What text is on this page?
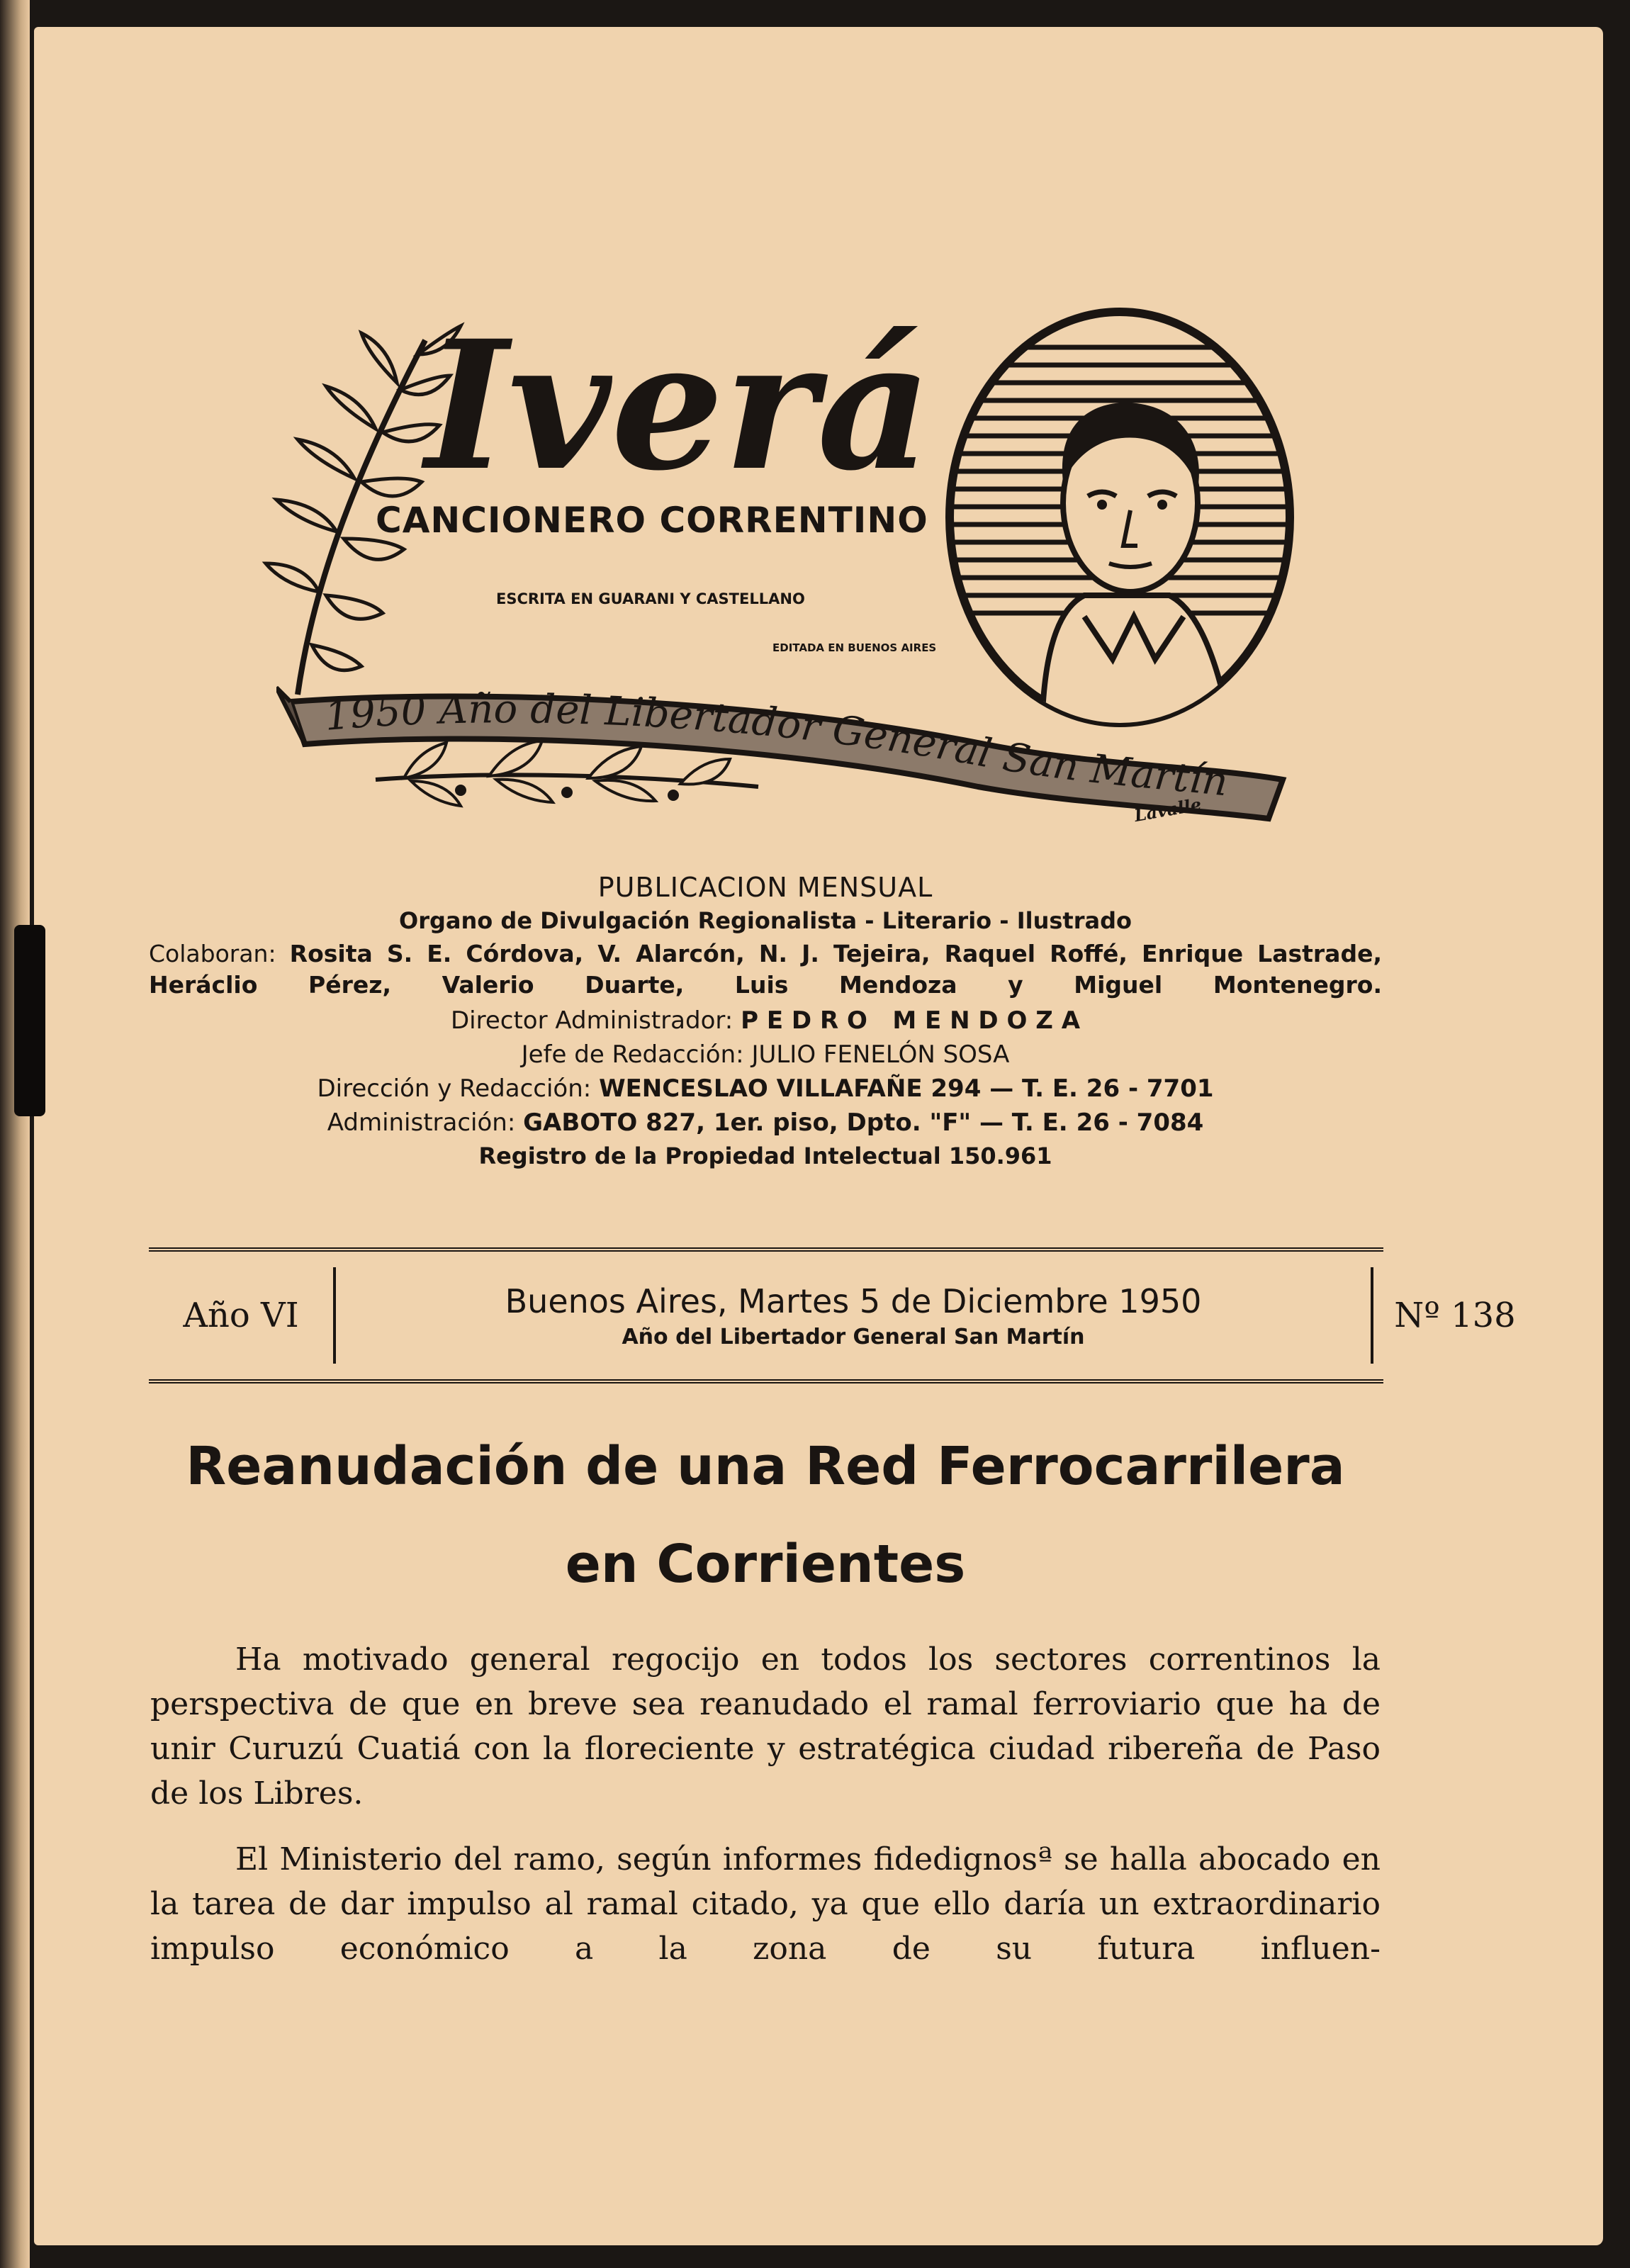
Iverá
CANCIONERO CORRENTINO
ESCRITA EN GUARANI Y CASTELLANO
EDITADA EN BUENOS AIRES
1950 Año del Libertador General San Martín
Lavalle
PUBLICACION MENSUAL
Organo de Divulgación Regionalista - Literario - Ilustrado
Colaboran: Rosita S. E. Córdova, V. Alarcón, N. J. Tejeira, Raquel Roffé, Enrique Lastrade, Heráclio Pérez, Valerio Duarte, Luis Mendoza y Miguel Montenegro.
Director Administrador: P E D R O   M E N D O Z A
Jefe de Redacción: JULIO FENELÓN SOSA
Dirección y Redacción: WENCESLAO VILLAFAÑE 294 — T. E. 26 - 7701
Administración: GABOTO 827, 1er. piso, Dpto. "F" — T. E. 26 - 7084
Registro de la Propiedad Intelectual 150.961
Año VI	Buenos Aires, Martes 5 de Diciembre 1950
Año del Libertador General San Martín
Nº 138
Reanudación de una Red Ferrocarrilera
en Corrientes

Ha motivado general regocijo en todos los sectores correntinos la perspectiva de que en breve sea reanudado el ramal ferroviario que ha de unir Curuzú Cuatiá con la floreciente y estratégica ciudad ribereña de Paso de los Libres.

El Ministerio del ramo, según informes fidedignosª se halla abocado en la tarea de dar impulso al ramal citado, ya que ello daría un extraordinario impulso económico a la zona de su futura influen-
